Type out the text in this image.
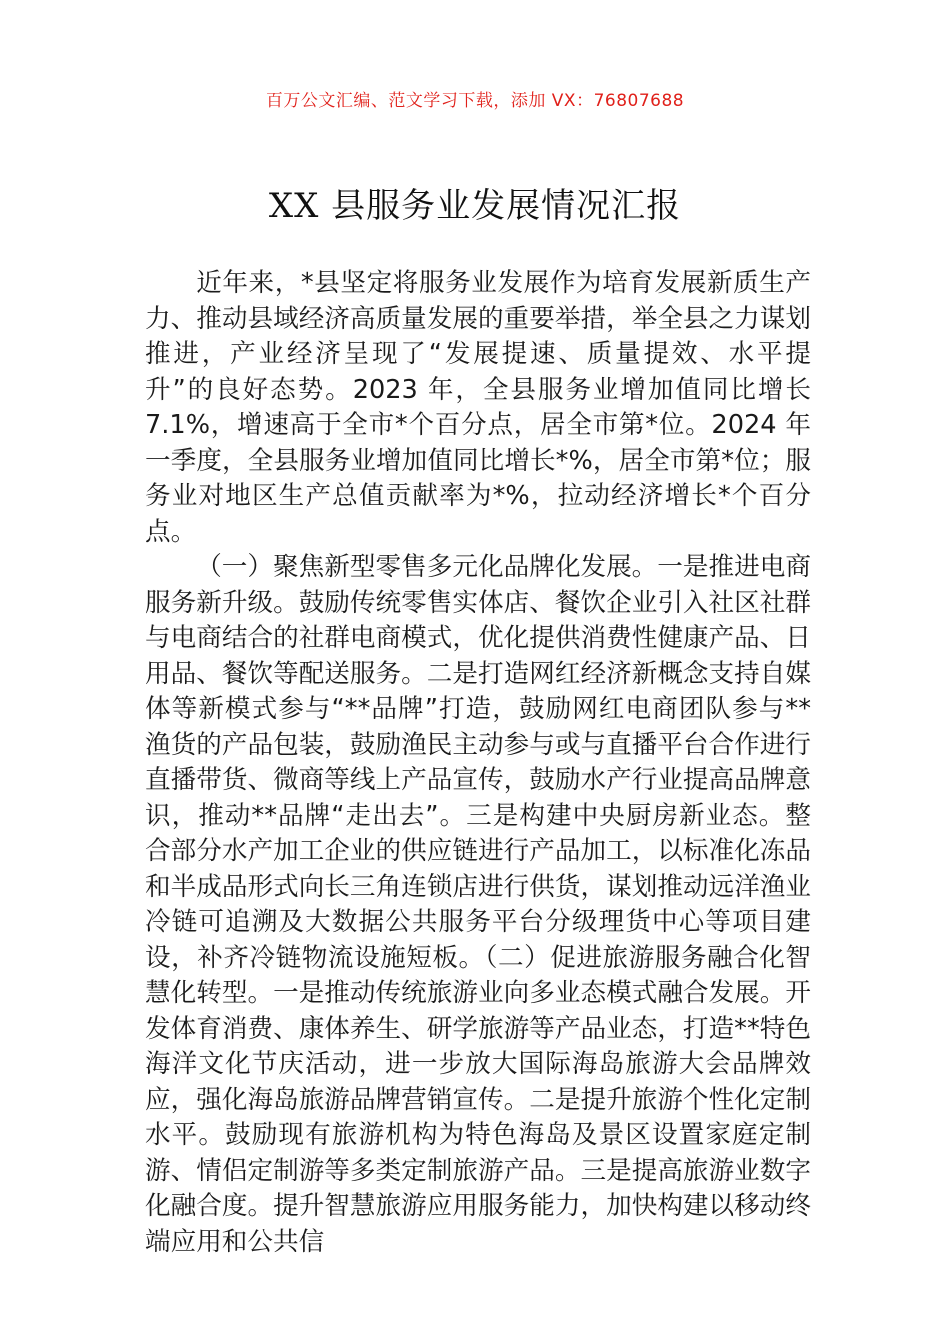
百万公文汇编、范文学习下载，添加 VX：76807688
XX 县服务业发展情况汇报

近年来，*县坚定将服务业发展作为培育发展新质生产力、推动县域经济高质量发展的重要举措，举全县之力谋划推进，产业经济呈现了“发展提速、质量提效、水平提升”的良好态势。2023 年，全县服务业增加值同比增长 7.1%，增速高于全市*个百分点，居全市第*位。2024 年一季度，全县服务业增加值同比增长*%，居全市第*位；服务业对地区生产总值贡献率为*%，拉动经济增长*个百分点。

（一）聚焦新型零售多元化品牌化发展。一是推进电商服务新升级。鼓励传统零售实体店、餐饮企业引入社区社群与电商结合的社群电商模式，优化提供消费性健康产品、日用品、餐饮等配送服务。二是打造网红经济新概念支持自媒体等新模式参与“**品牌”打造，鼓励网红电商团队参与**渔货的产品包装，鼓励渔民主动参与或与直播平台合作进行直播带货、微商等线上产品宣传，鼓励水产行业提高品牌意识，推动**品牌“走出去”。三是构建中央厨房新业态。整合部分水产加工企业的供应链进行产品加工，以标准化冻品和半成品形式向长三角连锁店进行供货，谋划推动远洋渔业冷链可追溯及大数据公共服务平台分级理货中心等项目建设，补齐冷链物流设施短板。（二）促进旅游服务融合化智慧化转型。一是推动传统旅游业向多业态模式融合发展。开发体育消费、康体养生、研学旅游等产品业态，打造**特色海洋文化节庆活动，进一步放大国际海岛旅游大会品牌效应，强化海岛旅游品牌营销宣传。二是提升旅游个性化定制水平。鼓励现有旅游机构为特色海岛及景区设置家庭定制游、情侣定制游等多类定制旅游产品。三是提高旅游业数字化融合度。提升智慧旅游应用服务能力，加快构建以移动终端应用和公共信
